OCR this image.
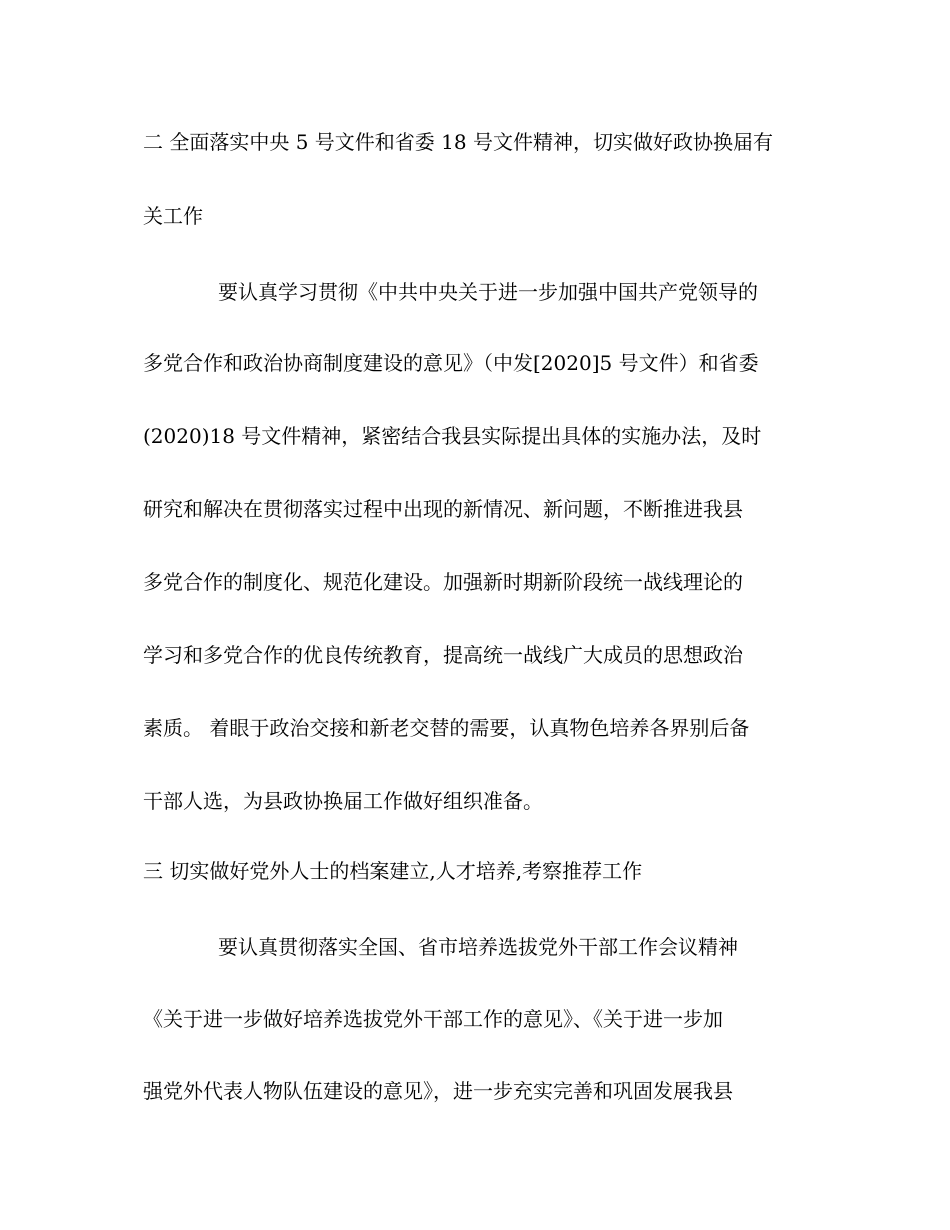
二 全面落实中央 5 号文件和省委 18 号文件精神，切实做好政协换届有
关工作
要认真学习贯彻《中共中央关于进一步加强中国共产党领导的
多党合作和政治协商制度建设的意见》（中发[2020]5 号文件）和省委
(2020)18 号文件精神，紧密结合我县实际提出具体的实施办法，及时
研究和解决在贯彻落实过程中出现的新情况、新问题，不断推进我县
多党合作的制度化、规范化建设。加强新时期新阶段统一战线理论的
学习和多党合作的优良传统教育，提高统一战线广大成员的思想政治
素质。 着眼于政治交接和新老交替的需要，认真物色培养各界别后备
干部人选，为县政协换届工作做好组织准备。
三 切实做好党外人士的档案建立,人才培养,考察推荐工作
要认真贯彻落实全国、省市培养选拔党外干部工作会议精神
《关于进一步做好培养选拔党外干部工作的意见》、《关于进一步加
强党外代表人物队伍建设的意见》，进一步充实完善和巩固发展我县
